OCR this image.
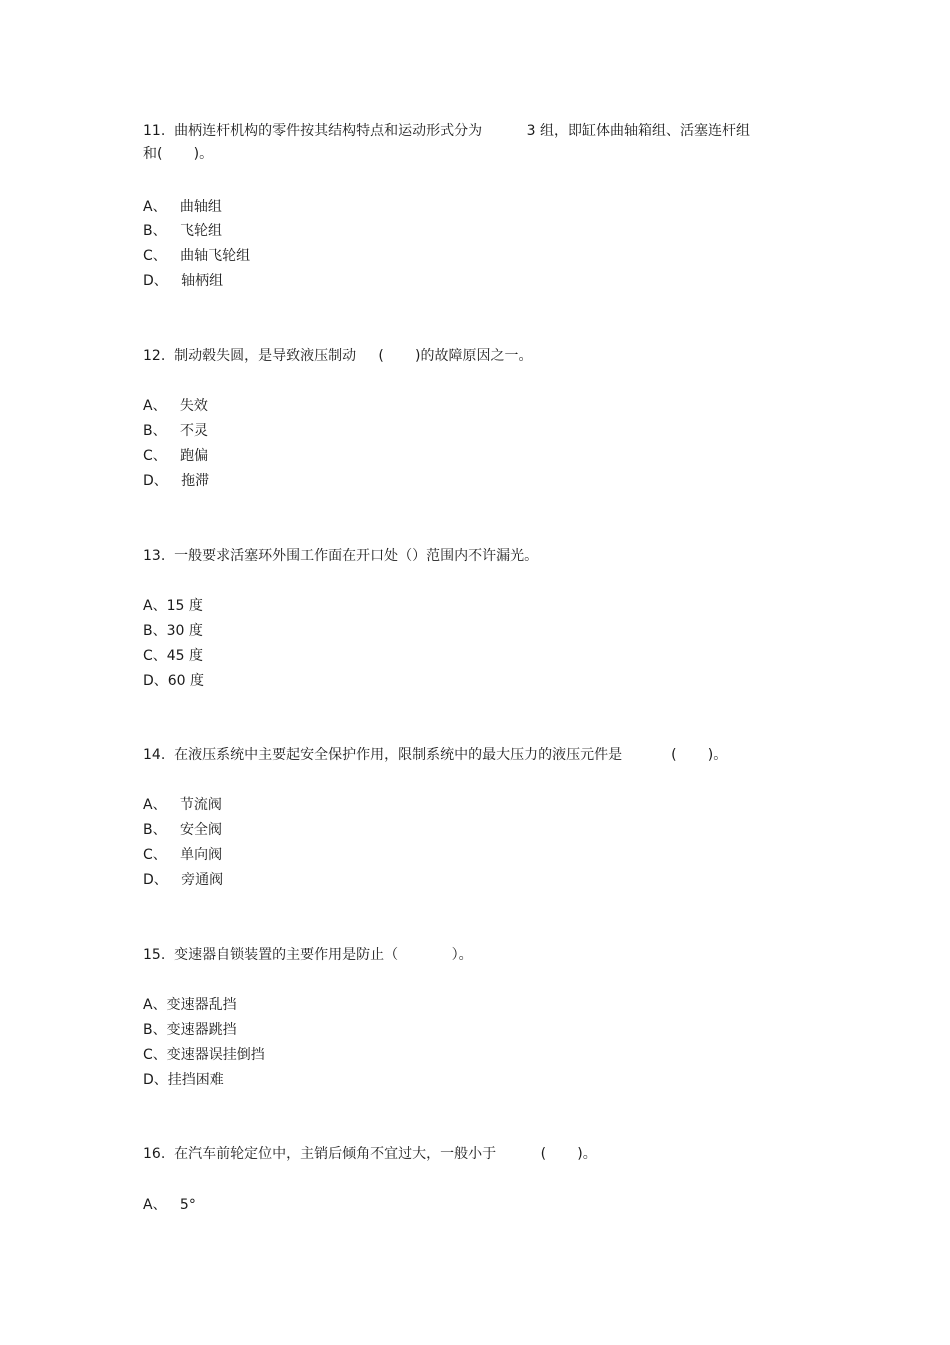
11.  曲柄连杆机构的零件按其结构特点和运动形式分为          3 组，即缸体曲轴箱组、活塞连杆组
和(       )。
A、   曲轴组
B、   飞轮组
C、   曲轴飞轮组
D、   轴柄组
12.  制动毂失圆，是导致液压制动     (       )的故障原因之一。
A、   失效
B、   不灵
C、   跑偏
D、   拖滞
13.  一般要求活塞环外围工作面在开口处（）范围内不许漏光。
A、15 度
B、30 度
C、45 度
D、60 度
14.  在液压系统中主要起安全保护作用，限制系统中的最大压力的液压元件是           (       )。
A、   节流阀
B、   安全阀
C、   单向阀
D、   旁通阀
15.  变速器自锁装置的主要作用是防止（            ）。
A、变速器乱挡
B、变速器跳挡
C、变速器误挂倒挡
D、挂挡困难
16.  在汽车前轮定位中，主销后倾角不宜过大，一般小于          (       )。
A、   5°
